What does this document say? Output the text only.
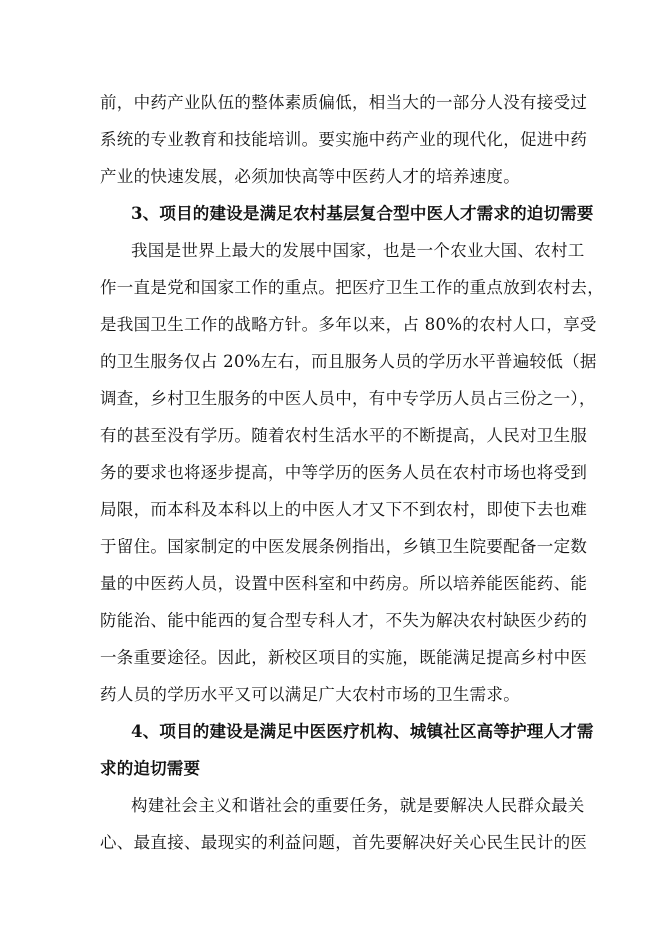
前，中药产业队伍的整体素质偏低，相当大的一部分人没有接受过
系统的专业教育和技能培训。要实施中药产业的现代化，促进中药
产业的快速发展，必须加快高等中医药人才的培养速度。
3、项目的建设是满足农村基层复合型中医人才需求的迫切需要
我国是世界上最大的发展中国家，也是一个农业大国、农村工
作一直是党和国家工作的重点。把医疗卫生工作的重点放到农村去，
是我国卫生工作的战略方针。多年以来，占 80%的农村人口，享受
的卫生服务仅占 20%左右，而且服务人员的学历水平普遍较低（据
调查，乡村卫生服务的中医人员中，有中专学历人员占三份之一），
有的甚至没有学历。随着农村生活水平的不断提高，人民对卫生服
务的要求也将逐步提高，中等学历的医务人员在农村市场也将受到
局限，而本科及本科以上的中医人才又下不到农村，即使下去也难
于留住。国家制定的中医发展条例指出，乡镇卫生院要配备一定数
量的中医药人员，设置中医科室和中药房。所以培养能医能药、能
防能治、能中能西的复合型专科人才，不失为解决农村缺医少药的
一条重要途径。因此，新校区项目的实施，既能满足提高乡村中医
药人员的学历水平又可以满足广大农村市场的卫生需求。
4、项目的建设是满足中医医疗机构、城镇社区高等护理人才需
求的迫切需要
构建社会主义和谐社会的重要任务，就是要解决人民群众最关
心、最直接、最现实的利益问题，首先要解决好关心民生民计的医
